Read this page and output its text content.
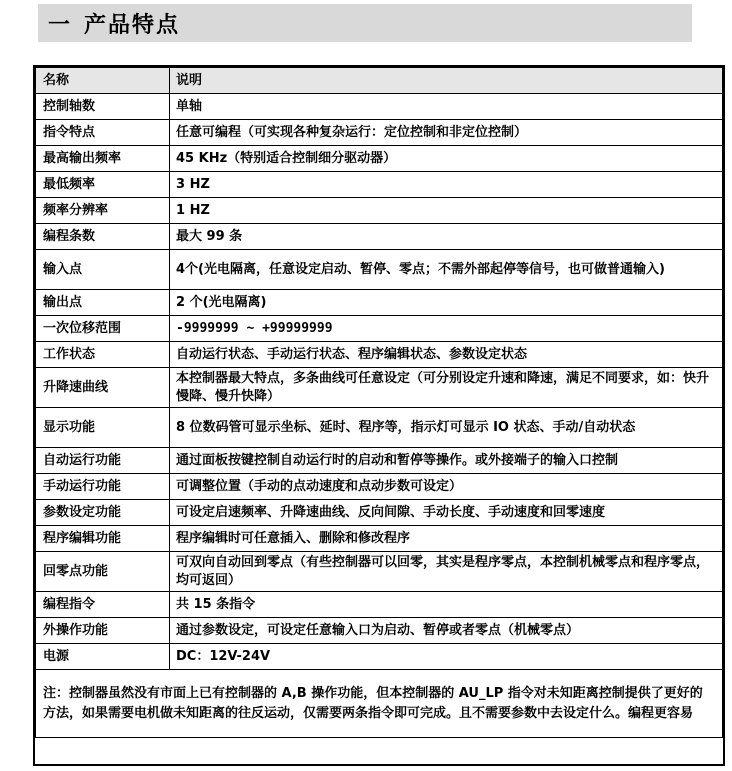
一 产品特点
名称	说明
控制轴数	单轴
指令特点	任意可编程（可实现各种复杂运行：定位控制和非定位控制）
最高输出频率	45 KHz（特别适合控制细分驱动器）
最低频率	3 HZ
频率分辨率	1 HZ
编程条数	最大 99 条
输入点	4个(光电隔离，任意设定启动、暂停、零点；不需外部起停等信号，也可做普通输入)
输出点	2 个(光电隔离)
一次位移范围	-9999999 ~ +99999999
工作状态	自动运行状态、手动运行状态、程序编辑状态、参数设定状态
升降速曲线	本控制器最大特点，多条曲线可任意设定（可分别设定升速和降速，满足不同要求，如：快升慢降、慢升快降）
显示功能	8 位数码管可显示坐标、延时、程序等，指示灯可显示 IO 状态、手动/自动状态
自动运行功能	通过面板按键控制自动运行时的启动和暂停等操作。或外接端子的输入口控制
手动运行功能	可调整位置（手动的点动速度和点动步数可设定）
参数设定功能	可设定启速频率、升降速曲线、反向间隙、手动长度、手动速度和回零速度
程序编辑功能	程序编辑时可任意插入、删除和修改程序
回零点功能	可双向自动回到零点（有些控制器可以回零，其实是程序零点，本控制机械零点和程序零点，均可返回）
编程指令	共 15 条指令
外操作功能	通过参数设定，可设定任意输入口为启动、暂停或者零点（机械零点）
电源	DC：12V-24V
注：控制器虽然没有市面上已有控制器的 A,B 操作功能，但本控制器的 AU_LP 指令对未知距离控制提供了更好的方法，如果需要电机做未知距离的往反运动，仅需要两条指令即可完成。且不需要参数中去设定什么。编程更容易	
